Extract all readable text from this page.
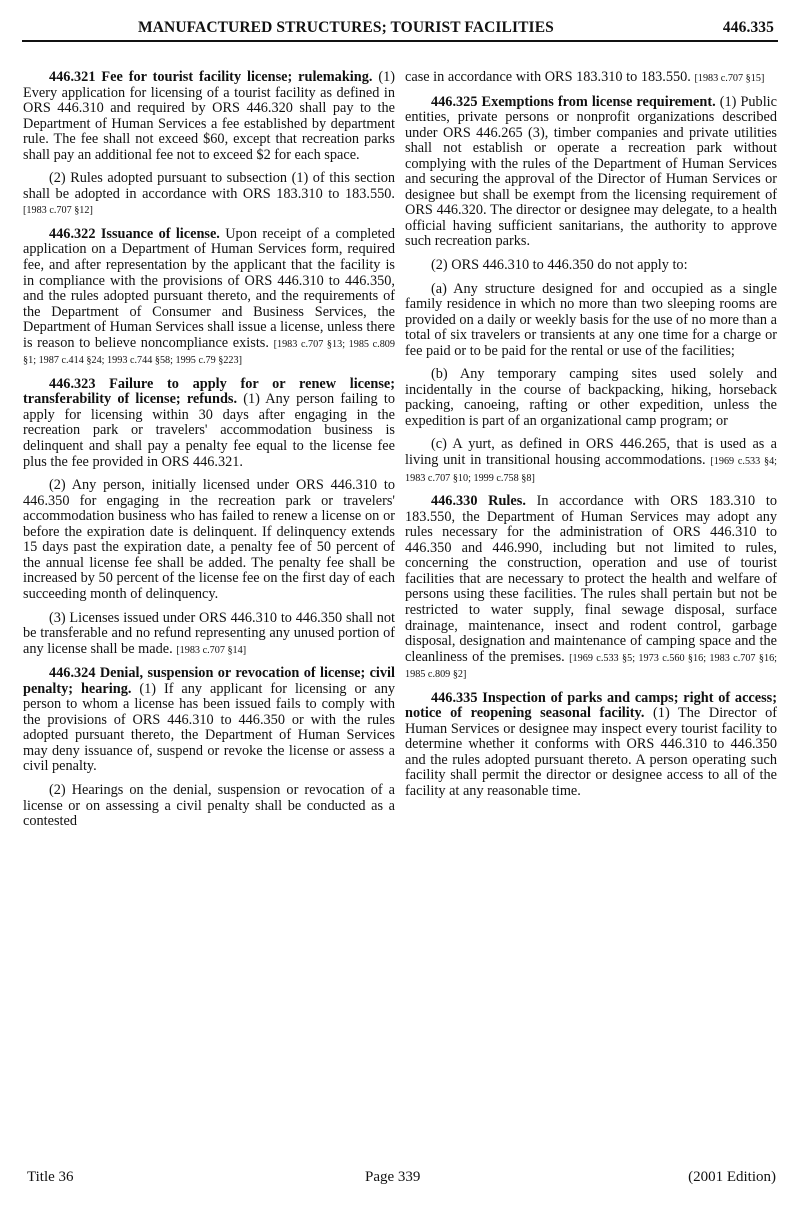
MANUFACTURED STRUCTURES; TOURIST FACILITIES	446.335

446.321 Fee for tourist facility license; rulemaking. (1) Every application for licensing of a tourist facility as defined in ORS 446.310 and required by ORS 446.320 shall pay to the Department of Human Services a fee established by department rule. The fee shall not exceed $60, except that recreation parks shall pay an additional fee not to exceed $2 for each space.

(2) Rules adopted pursuant to subsection (1) of this section shall be adopted in accordance with ORS 183.310 to 183.550. [1983 c.707 §12]

446.322 Issuance of license. Upon receipt of a completed application on a Department of Human Services form, required fee, and after representation by the applicant that the facility is in compliance with the provisions of ORS 446.310 to 446.350, and the rules adopted pursuant thereto, and the requirements of the Department of Consumer and Business Services, the Department of Human Services shall issue a license, unless there is reason to believe noncompliance exists. [1983 c.707 §13; 1985 c.809 §1; 1987 c.414 §24; 1993 c.744 §58; 1995 c.79 §223]

446.323 Failure to apply for or renew license; transferability of license; refunds. (1) Any person failing to apply for licensing within 30 days after engaging in the recreation park or travelers' accommodation business is delinquent and shall pay a penalty fee equal to the license fee plus the fee provided in ORS 446.321.

(2) Any person, initially licensed under ORS 446.310 to 446.350 for engaging in the recreation park or travelers' accommodation business who has failed to renew a license on or before the expiration date is delinquent. If delinquency extends 15 days past the expiration date, a penalty fee of 50 percent of the annual license fee shall be added. The penalty fee shall be increased by 50 percent of the license fee on the first day of each succeeding month of delinquency.

(3) Licenses issued under ORS 446.310 to 446.350 shall not be transferable and no refund representing any unused portion of any license shall be made. [1983 c.707 §14]

446.324 Denial, suspension or revocation of license; civil penalty; hearing. (1) If any applicant for licensing or any person to whom a license has been issued fails to comply with the provisions of ORS 446.310 to 446.350 or with the rules adopted pursuant thereto, the Department of Human Services may deny issuance of, suspend or revoke the license or assess a civil penalty.

(2) Hearings on the denial, suspension or revocation of a license or on assessing a civil penalty shall be conducted as a contested

case in accordance with ORS 183.310 to 183.550. [1983 c.707 §15]

446.325 Exemptions from license requirement. (1) Public entities, private persons or nonprofit organizations described under ORS 446.265 (3), timber companies and private utilities shall not establish or operate a recreation park without complying with the rules of the Department of Human Services and securing the approval of the Director of Human Services or designee but shall be exempt from the licensing requirement of ORS 446.320. The director or designee may delegate, to a health official having sufficient sanitarians, the authority to approve such recreation parks.

(2) ORS 446.310 to 446.350 do not apply to:

(a) Any structure designed for and occupied as a single family residence in which no more than two sleeping rooms are provided on a daily or weekly basis for the use of no more than a total of six travelers or transients at any one time for a charge or fee paid or to be paid for the rental or use of the facilities;

(b) Any temporary camping sites used solely and incidentally in the course of backpacking, hiking, horseback packing, canoeing, rafting or other expedition, unless the expedition is part of an organizational camp program; or

(c) A yurt, as defined in ORS 446.265, that is used as a living unit in transitional housing accommodations. [1969 c.533 §4; 1983 c.707 §10; 1999 c.758 §8]

446.330 Rules. In accordance with ORS 183.310 to 183.550, the Department of Human Services may adopt any rules necessary for the administration of ORS 446.310 to 446.350 and 446.990, including but not limited to rules, concerning the construction, operation and use of tourist facilities that are necessary to protect the health and welfare of persons using these facilities. The rules shall pertain but not be restricted to water supply, final sewage disposal, surface drainage, maintenance, insect and rodent control, garbage disposal, designation and maintenance of camping space and the cleanliness of the premises. [1969 c.533 §5; 1973 c.560 §16; 1983 c.707 §16; 1985 c.809 §2]

446.335 Inspection of parks and camps; right of access; notice of reopening seasonal facility. (1) The Director of Human Services or designee may inspect every tourist facility to determine whether it conforms with ORS 446.310 to 446.350 and the rules adopted pursuant thereto. A person operating such facility shall permit the director or designee access to all of the facility at any reasonable time.

Title 36	Page 339	(2001 Edition)
